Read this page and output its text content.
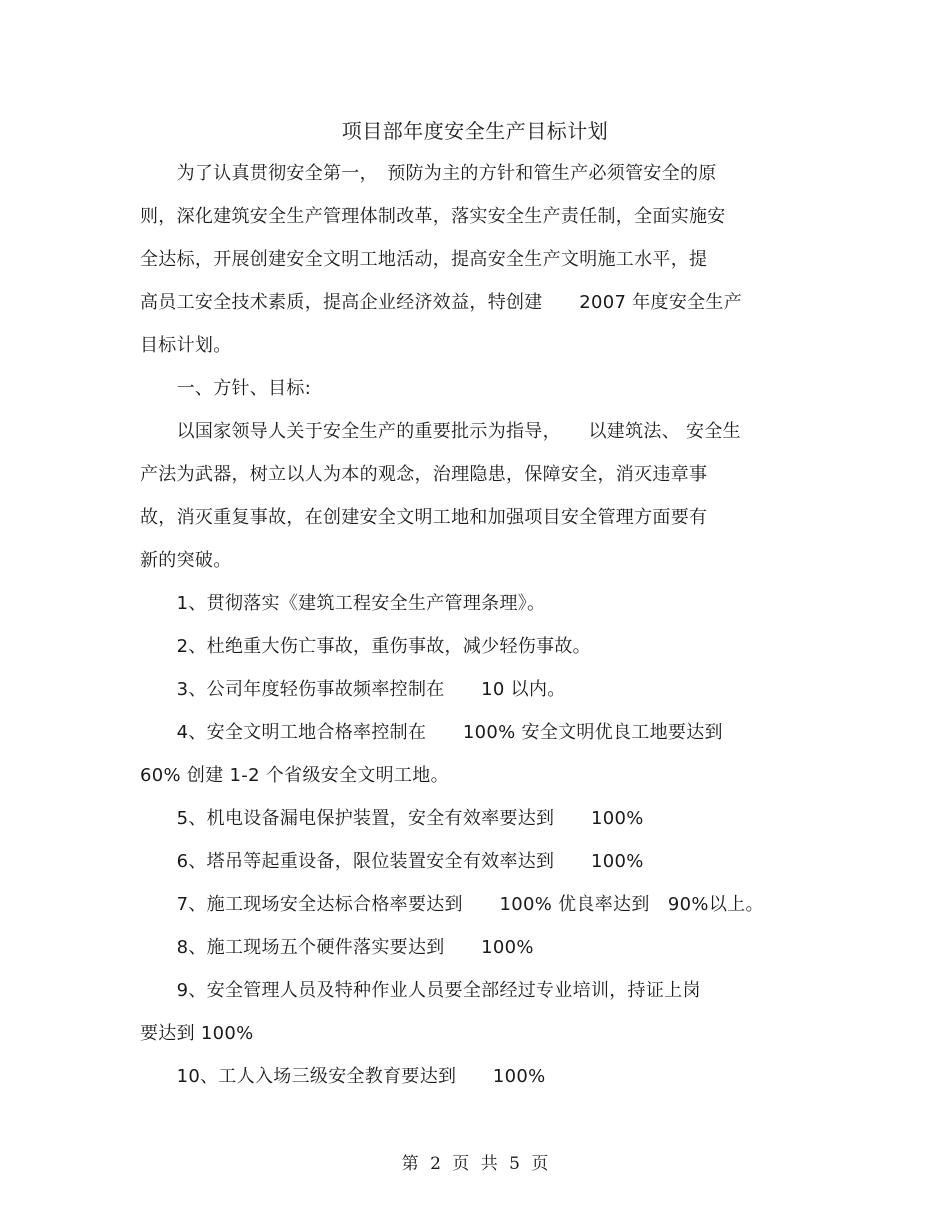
项目部年度安全生产目标计划
　　为了认真贯彻安全第一，　预防为主的方针和管生产必须管安全的原
则，深化建筑安全生产管理体制改革，落实安全生产责任制，全面实施安
全达标，开展创建安全文明工地活动，提高安全生产文明施工水平，提
高员工安全技术素质，提高企业经济效益，特创建　　2007 年度安全生产
目标计划。
　　一、方针、目标:
　　以国家领导人关于安全生产的重要批示为指导，　　以建筑法、 安全生
产法为武器，树立以人为本的观念，治理隐患，保障安全，消灭违章事
故，消灭重复事故，在创建安全文明工地和加强项目安全管理方面要有
新的突破。
　　1、贯彻落实《建筑工程安全生产管理条理》。
　　2、杜绝重大伤亡事故，重伤事故，减少轻伤事故。
　　3、公司年度轻伤事故频率控制在　　10 以内。
　　4、安全文明工地合格率控制在　　100% 安全文明优良工地要达到
60% 创建 1-2 个省级安全文明工地。
　　5、机电设备漏电保护装置，安全有效率要达到　　100%
　　6、塔吊等起重设备，限位装置安全有效率达到　　100%
　　7、施工现场安全达标合格率要达到　　100% 优良率达到　90%以上。
　　8、施工现场五个硬件落实要达到　　100%
　　9、安全管理人员及特种作业人员要全部经过专业培训，持证上岗
要达到 100%
　　10、工人入场三级安全教育要达到　　100%
第 2 页 共 5 页
